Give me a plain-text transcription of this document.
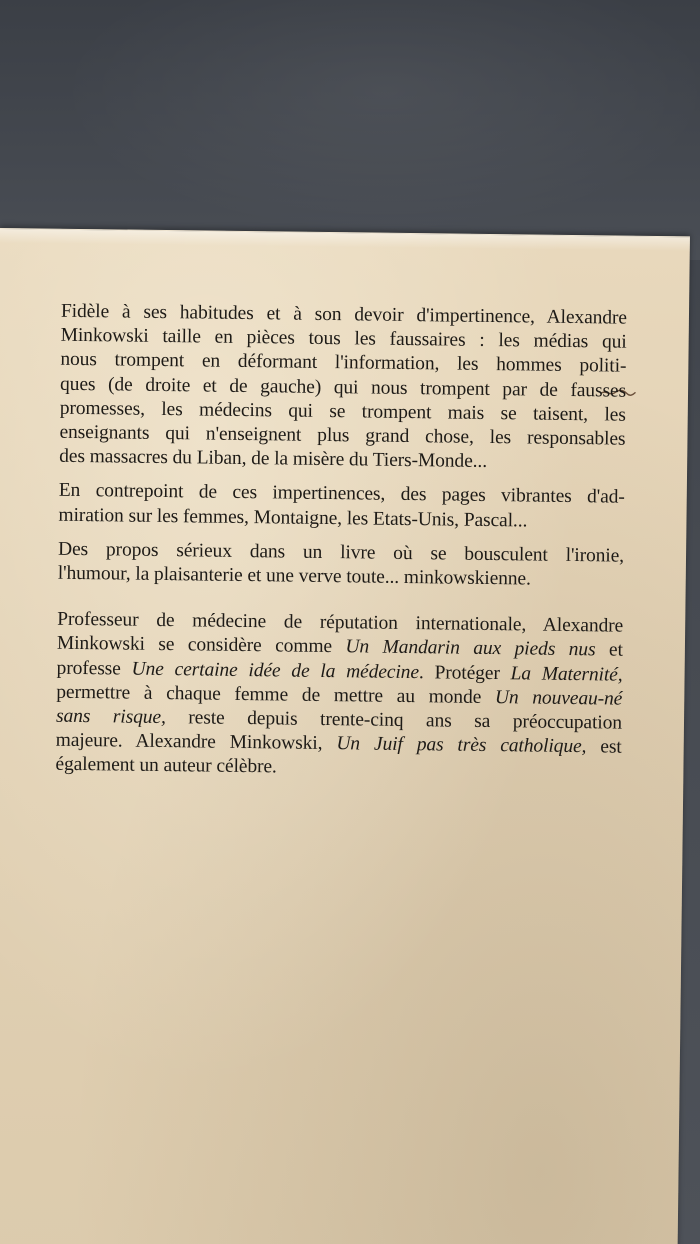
Fidèle à ses habitudes et à son devoir d'impertinence, Alexandre
Minkowski taille en pièces tous les faussaires : les médias qui
nous trompent en déformant l'information, les hommes politi-
ques (de droite et de gauche) qui nous trompent par de fausses
promesses, les médecins qui se trompent mais se taisent, les
enseignants qui n'enseignent plus grand chose, les responsables
des massacres du Liban, de la misère du Tiers-Monde...
En contrepoint de ces impertinences, des pages vibrantes d'ad-
miration sur les femmes, Montaigne, les Etats-Unis, Pascal...
Des propos sérieux dans un livre où se bousculent l'ironie,
l'humour, la plaisanterie et une verve toute... minkowskienne.
Professeur de médecine de réputation internationale, Alexandre
Minkowski se considère comme Un Mandarin aux pieds nus et
professe Une certaine idée de la médecine. Protéger La Maternité,
permettre à chaque femme de mettre au monde Un nouveau-né
sans risque, reste depuis trente-cinq ans sa préoccupation
majeure. Alexandre Minkowski, Un Juif pas très catholique, est
également un auteur célèbre.
